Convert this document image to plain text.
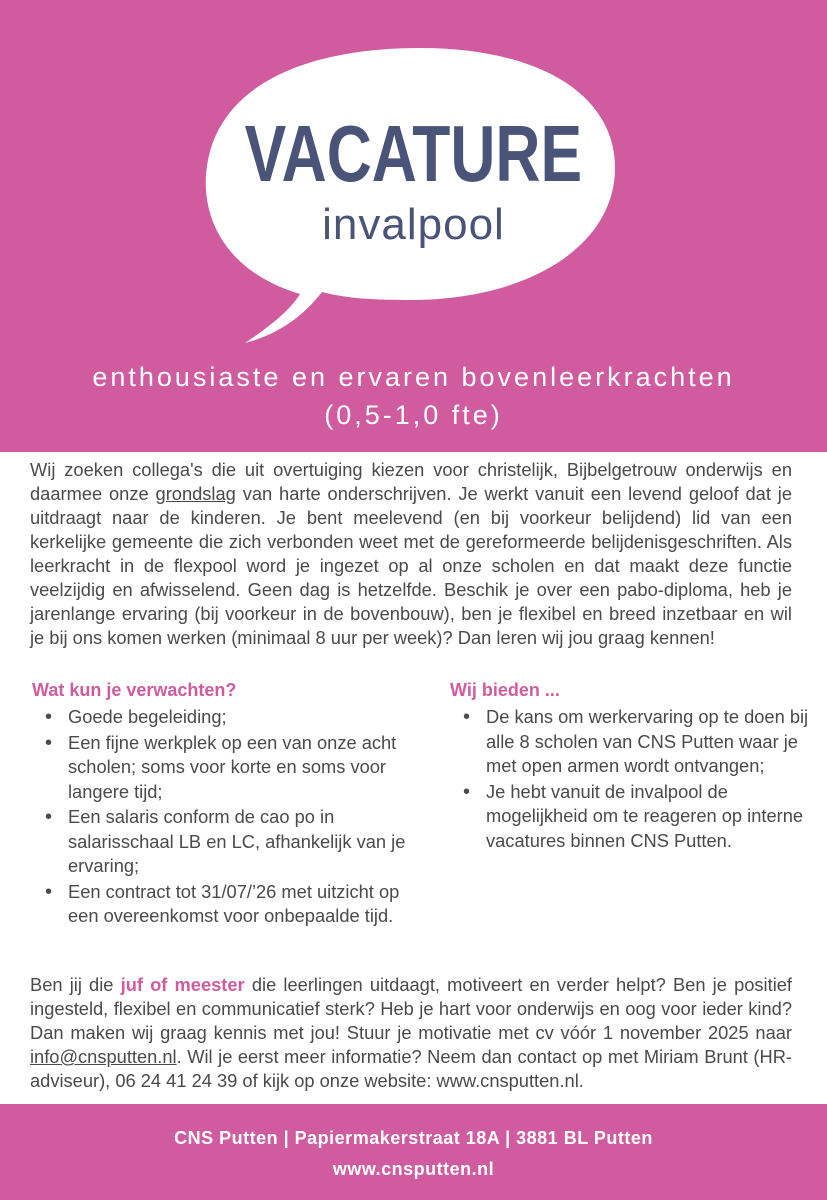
VACATURE
invalpool
enthousiaste en ervaren bovenleerkrachten
(0,5-1,0 fte)
Wij zoeken collega's die uit overtuiging kiezen voor christelijk, Bijbelgetrouw onderwijs en daarmee onze grondslag van harte onderschrijven. Je werkt vanuit een levend geloof dat je uitdraagt naar de kinderen. Je bent meelevend (en bij voorkeur belijdend) lid van een kerkelijke gemeente die zich verbonden weet met de gereformeerde belijdenisgeschriften. Als leerkracht in de flexpool word je ingezet op al onze scholen en dat maakt deze functie veelzijdig en afwisselend. Geen dag is hetzelfde. Beschik je over een pabo-diploma, heb je jarenlange ervaring (bij voorkeur in de bovenbouw), ben je flexibel en breed inzetbaar en wil je bij ons komen werken (minimaal 8 uur per week)? Dan leren wij jou graag kennen!
Wat kun je verwachten?
• Goede begeleiding;
• Een fijne werkplek op een van onze acht scholen; soms voor korte en soms voor langere tijd;
• Een salaris conform de cao po in salarisschaal LB en LC, afhankelijk van je ervaring;
• Een contract tot 31/07/’26 met uitzicht op een overeenkomst voor onbepaalde tijd.
Wij bieden ...
• De kans om werkervaring op te doen bij alle 8 scholen van CNS Putten waar je met open armen wordt ontvangen;
• Je hebt vanuit de invalpool de mogelijkheid om te reageren op interne vacatures binnen CNS Putten.
Ben jij die juf of meester die leerlingen uitdaagt, motiveert en verder helpt? Ben je positief ingesteld, flexibel en communicatief sterk? Heb je hart voor onderwijs en oog voor ieder kind? Dan maken wij graag kennis met jou! Stuur je motivatie met cv vóór 1 november 2025 naar info@cnsputten.nl. Wil je eerst meer informatie? Neem dan contact op met Miriam Brunt (HR-adviseur), 06 24 41 24 39 of kijk op onze website: www.cnsputten.nl.
CNS Putten | Papiermakerstraat 18A | 3881 BL Putten
www.cnsputten.nl
